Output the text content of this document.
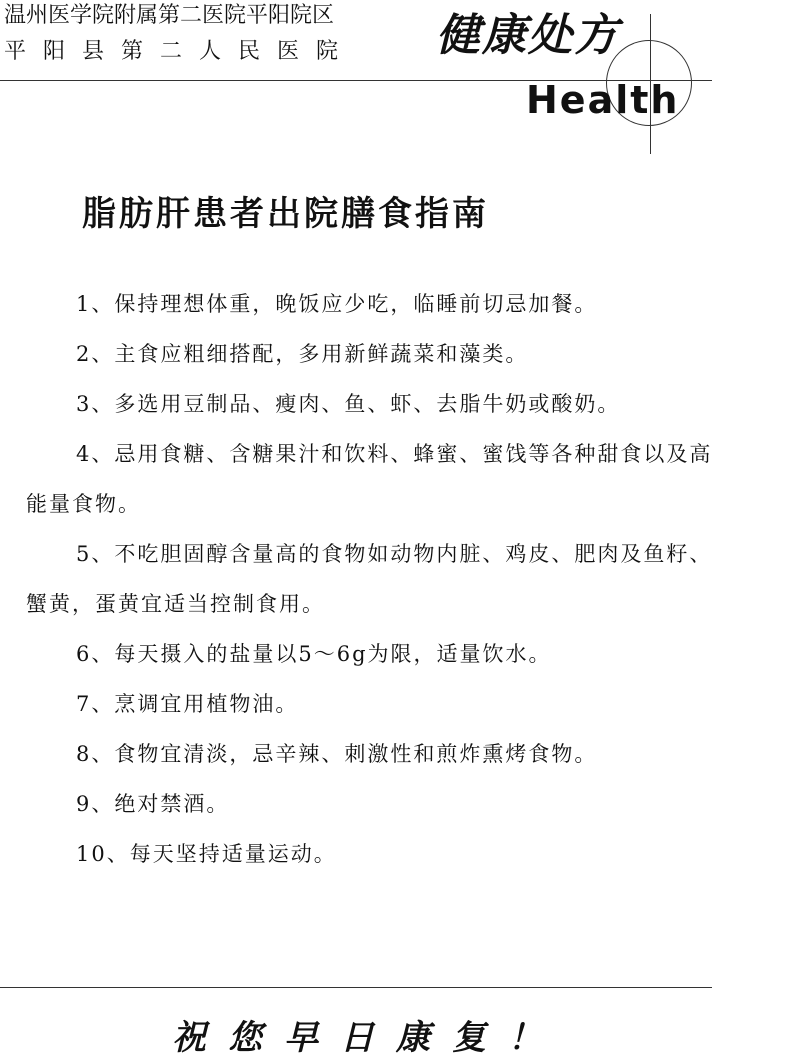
温州医学院附属第二医院平阳院区
平阳县第二人民医院 健康处方
Health
脂肪肝患者出院膳食指南
1、保持理想体重，晚饭应少吃，临睡前切忌加餐。
2、主食应粗细搭配，多用新鲜蔬菜和藻类。
3、多选用豆制品、瘦肉、鱼、虾、去脂牛奶或酸奶。
4、忌用食糖、含糖果汁和饮料、蜂蜜、蜜饯等各种甜食以及高能量食物。
5、不吃胆固醇含量高的食物如动物内脏、鸡皮、肥肉及鱼籽、蟹黄，蛋黄宜适当控制食用。
6、每天摄入的盐量以5～6g为限，适量饮水。
7、烹调宜用植物油。
8、食物宜清淡，忌辛辣、刺激性和煎炸熏烤食物。
9、绝对禁酒。
10、每天坚持适量运动。
祝您早日康复！
